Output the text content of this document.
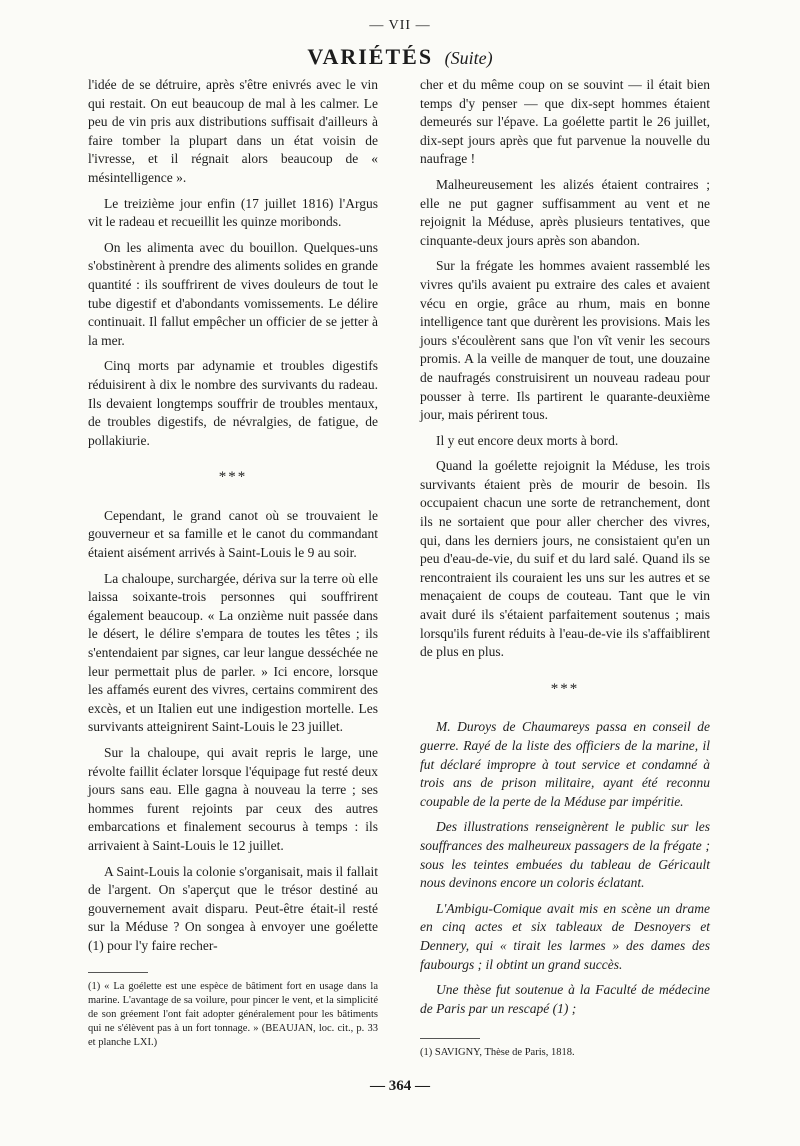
— VII —
VARIÉTÉS (Suite)

l'idée de se détruire, après s'être enivrés avec le vin qui restait. On eut beaucoup de mal à les calmer. Le peu de vin pris aux distributions suffisait d'ailleurs à faire tomber la plupart dans un état voisin de l'ivresse, et il régnait alors beaucoup de « mésintelligence ».

Le treizième jour enfin (17 juillet 1816) l'Argus vit le radeau et recueillit les quinze moribonds.

On les alimenta avec du bouillon. Quelques-uns s'obstinèrent à prendre des aliments solides en grande quantité : ils souffrirent de vives douleurs de tout le tube digestif et d'abondants vomissements. Le délire continuait. Il fallut empêcher un officier de se jetter à la mer.

Cinq morts par adynamie et troubles digestifs réduisirent à dix le nombre des survivants du radeau. Ils devaient longtemps souffrir de troubles mentaux, de troubles digestifs, de névralgies, de fatigue, de pollakiurie.

***

Cependant, le grand canot où se trouvaient le gouverneur et sa famille et le canot du commandant étaient aisément arrivés à Saint-Louis le 9 au soir.

La chaloupe, surchargée, dériva sur la terre où elle laissa soixante-trois personnes qui souffrirent également beaucoup. « La onzième nuit passée dans le désert, le délire s'empara de toutes les têtes ; ils s'entendaient par signes, car leur langue desséchée ne leur permettait plus de parler. » Ici encore, lorsque les affamés eurent des vivres, certains commirent des excès, et un Italien eut une indigestion mortelle. Les survivants atteignirent Saint-Louis le 23 juillet.

Sur la chaloupe, qui avait repris le large, une révolte faillit éclater lorsque l'équipage fut resté deux jours sans eau. Elle gagna à nouveau la terre ; ses hommes furent rejoints par ceux des autres embarcations et finalement secourus à temps : ils arrivaient à Saint-Louis le 12 juillet.

A Saint-Louis la colonie s'organisait, mais il fallait de l'argent. On s'aperçut que le trésor destiné au gouvernement avait disparu. Peut-être était-il resté sur la Méduse ? On songea à envoyer une goélette (1) pour l'y faire recher-

cher et du même coup on se souvint — il était bien temps d'y penser — que dix-sept hommes étaient demeurés sur l'épave. La goélette partit le 26 juillet, dix-sept jours après que fut parvenue la nouvelle du naufrage !

Malheureusement les alizés étaient contraires ; elle ne put gagner suffisamment au vent et ne rejoignit la Méduse, après plusieurs tentatives, que cinquante-deux jours après son abandon.

Sur la frégate les hommes avaient rassemblé les vivres qu'ils avaient pu extraire des cales et avaient vécu en orgie, grâce au rhum, mais en bonne intelligence tant que durèrent les provisions. Mais les jours s'écoulèrent sans que l'on vît venir les secours promis. A la veille de manquer de tout, une douzaine de naufragés construisirent un nouveau radeau pour pousser à terre. Ils partirent le quarante-deuxième jour, mais périrent tous.

Il y eut encore deux morts à bord.

Quand la goélette rejoignit la Méduse, les trois survivants étaient près de mourir de besoin. Ils occupaient chacun une sorte de retranchement, dont ils ne sortaient que pour aller chercher des vivres, qui, dans les derniers jours, ne consistaient qu'en un peu d'eau-de-vie, du suif et du lard salé. Quand ils se rencontraient ils couraient les uns sur les autres et se menaçaient de coups de couteau. Tant que le vin avait duré ils s'étaient parfaitement soutenus ; mais lorsqu'ils furent réduits à l'eau-de-vie ils s'affaiblirent de plus en plus.

***

M. Duroys de Chaumareys passa en conseil de guerre. Rayé de la liste des officiers de la marine, il fut déclaré impropre à tout service et condamné à trois ans de prison militaire, ayant été reconnu coupable de la perte de la Méduse par impéritie.

Des illustrations renseignèrent le public sur les souffrances des malheureux passagers de la frégate ; sous les teintes embuées du tableau de Géricault nous devinons encore un coloris éclatant.

L'Ambigu-Comique avait mis en scène un drame en cinq actes et six tableaux de Desnoyers et Dennery, qui « tirait les larmes » des dames des faubourgs ; il obtint un grand succès.

Une thèse fut soutenue à la Faculté de médecine de Paris par un rescapé (1) ;

(1) « La goélette est une espèce de bâtiment fort en usage dans la marine. L'avantage de sa voilure, pour pincer le vent, et la simplicité de son gréement l'ont fait adopter généralement pour les bâtiments qui ne s'élèvent pas à un fort tonnage. » (BEAUJAN, loc. cit., p. 33 et planche LXI.)
(1) SAVIGNY, Thèse de Paris, 1818.
— 364 —
